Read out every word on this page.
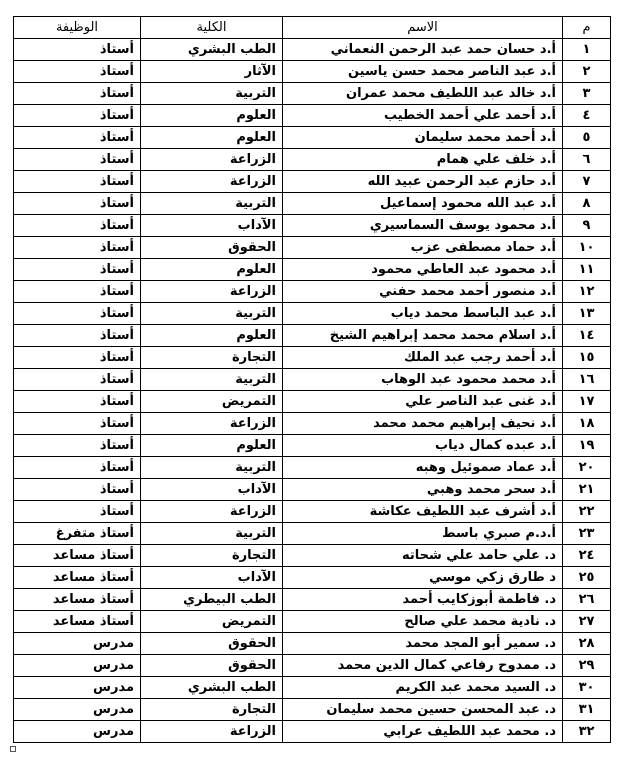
م	الاسم	الكلية	الوظيفة
١	أ.د حسان حمد عبد الرحمن النعماني	الطب البشري	أستاذ
٢	أ.د عبد الناصر محمد حسن ياسين	الآثار	أستاذ
٣	أ.د خالد عبد اللطيف محمد عمران	التربية	أستاذ
٤	أ.د أحمد علي أحمد الخطيب	العلوم	أستاذ
٥	أ.د أحمد محمد سليمان	العلوم	أستاذ
٦	أ.د خلف علي همام	الزراعة	أستاذ
٧	أ.د حازم عبد الرحمن عبيد الله	الزراعة	أستاذ
٨	أ.د عبد الله محمود إسماعيل	التربية	أستاذ
٩	أ.د محمود يوسف السماسيري	الآداب	أستاذ
١٠	أ.د حماد مصطفى عزب	الحقوق	أستاذ
١١	أ.د محمود عبد العاطي محمود	العلوم	أستاذ
١٢	أ.د منصور أحمد محمد حفني	الزراعة	أستاذ
١٣	أ.د عبد الباسط محمد دياب	التربية	أستاذ
١٤	أ.د اسلام محمد محمد إبراهيم الشيخ	العلوم	أستاذ
١٥	أ.د أحمد رجب عبد الملك	التجارة	أستاذ
١٦	أ.د محمد محمود عبد الوهاب	التربية	أستاذ
١٧	أ.د غنى عبد الناصر علي	التمريض	أستاذ
١٨	أ.د نحيف إبراهيم محمد محمد	الزراعة	أستاذ
١٩	أ.د عبده كمال دياب	العلوم	أستاذ
٢٠	أ.د عماد صموئيل وهبه	التربية	أستاذ
٢١	أ.د سحر محمد وهبي	الآداب	أستاذ
٢٢	أ.د أشرف عبد اللطيف عكاشة	الزراعة	أستاذ
٢٣	أ.د.م صبري باسط	التربية	أستاذ متفرغ
٢٤	د. علي حامد علي شحاته	التجارة	أستاذ مساعد
٢٥	د طارق زكي موسي	الآداب	أستاذ مساعد
٢٦	د. فاطمة أبوزكايب أحمد	الطب البيطري	أستاذ مساعد
٢٧	د. نادية محمد علي صالح	التمريض	أستاذ مساعد
٢٨	د. سمير أبو المجد محمد	الحقوق	مدرس
٢٩	د. ممدوح رفاعي كمال الدين محمد	الحقوق	مدرس
٣٠	د. السيد محمد عبد الكريم	الطب البشري	مدرس
٣١	د. عبد المحسن حسين محمد سليمان	التجارة	مدرس
٣٢	د. محمد عبد اللطيف عرابي	الزراعة	مدرس
